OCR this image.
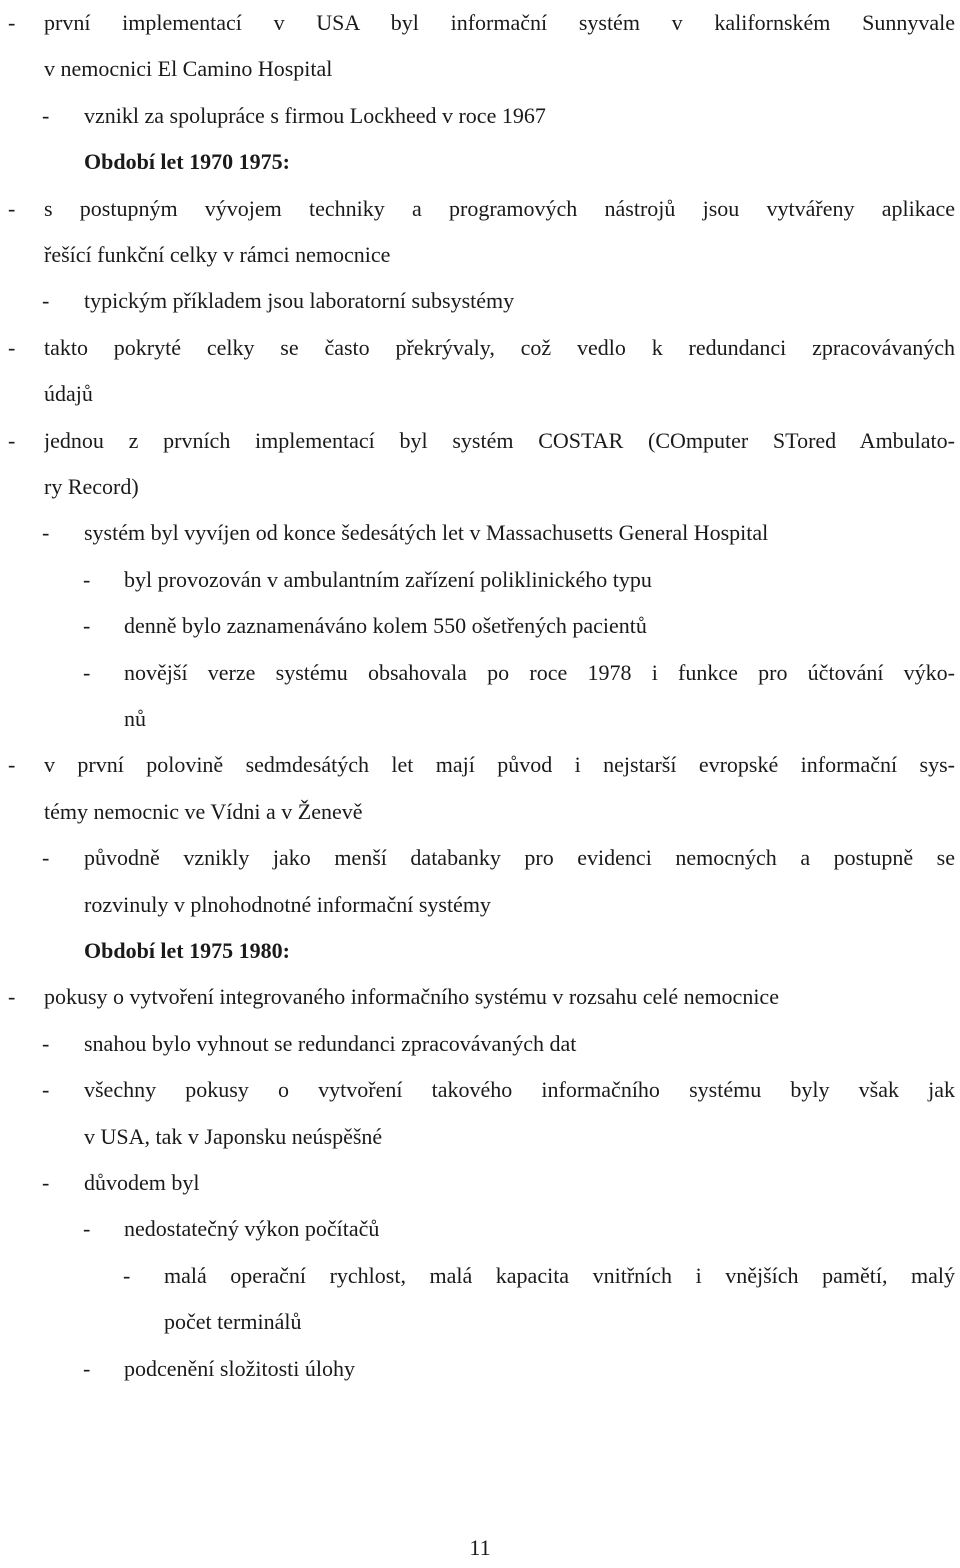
-	první implementací v USA byl informační systém v kalifornském Sunnyvale
v nemocnici El Camino Hospital
-	vznikl za spolupráce s firmou Lockheed v roce 1967
Období let 1970 1975:
-	s postupným vývojem techniky a programových nástrojů jsou vytvářeny aplikace
řešící funkční celky v rámci nemocnice
-	typickým příkladem jsou laboratorní subsystémy
-	takto pokryté celky se často překrývaly, což vedlo k redundanci zpracovávaných
údajů
-	jednou z prvních implementací byl systém COSTAR (COmputer STored Ambulato-
ry Record)
-	systém byl vyvíjen od konce šedesátých let v Massachusetts General Hospital
-	byl provozován v ambulantním zařízení poliklinického typu
-	denně bylo zaznamenáváno kolem 550 ošetřených pacientů
-	novější verze systému obsahovala po roce 1978 i funkce pro účtování výko-
nů
-	v první polovině sedmdesátých let mají původ i nejstarší evropské informační sys-
témy nemocnic ve Vídni a v Ženevě
-	původně vznikly jako menší databanky pro evidenci nemocných a postupně se
rozvinuly v plnohodnotné informační systémy
Období let 1975 1980:
-	pokusy o vytvoření integrovaného informačního systému v rozsahu celé nemocnice
-	snahou bylo vyhnout se redundanci zpracovávaných dat
-	všechny pokusy o vytvoření takového informačního systému byly však jak
v USA, tak v Japonsku neúspěšné
-	důvodem byl
-	nedostatečný výkon počítačů
-	malá operační rychlost, malá kapacita vnitřních i vnějších pamětí, malý
počet terminálů
-	podcenění složitosti úlohy
11
